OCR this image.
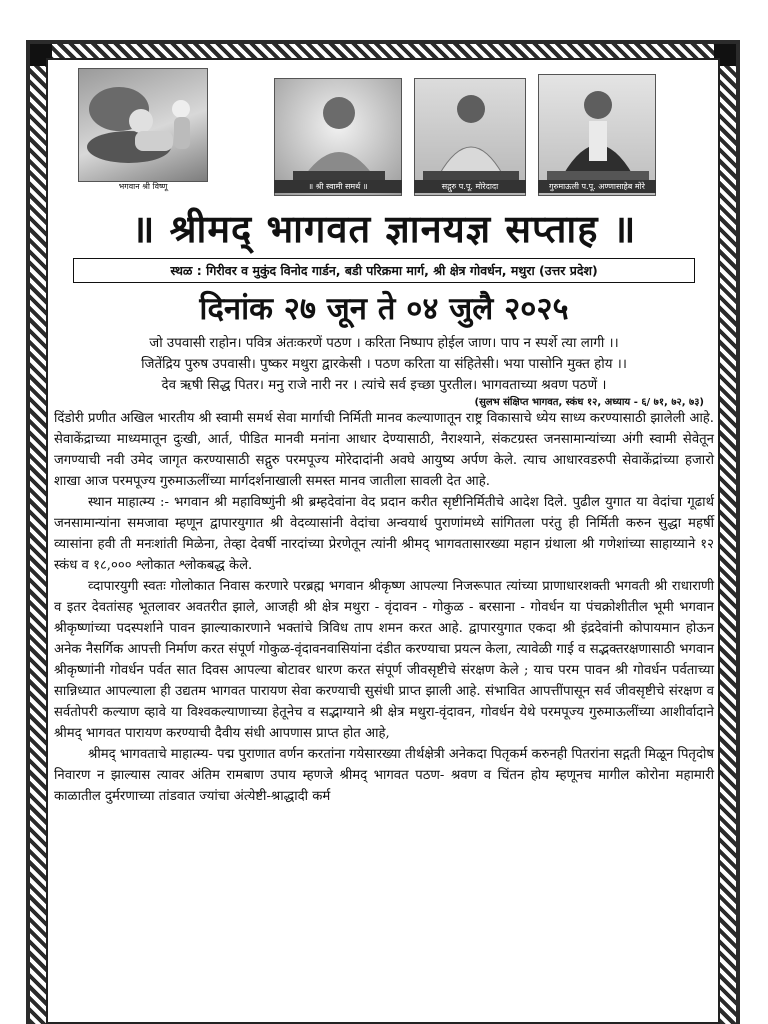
भगवान श्री विष्णू	॥ श्री स्वामी समर्थ ॥	सद्गुरु प.पू. मोरेदादा	गुरुमाऊली प.पू. अण्णासाहेब मोरे
॥ श्रीमद् भागवत ज्ञानयज्ञ सप्ताह ॥
स्थळ : गिरीवर व मुकुंद विनोद गार्डन, बडी परिक्रमा मार्ग, श्री क्षेत्र गोवर्धन, मथुरा (उत्तर प्रदेश)
दिनांक २७ जून ते ०४ जुलै २०२५
जो उपवासी राहोन। पवित्र अंतःकरणें पठण । करिता निष्पाप होईल जाण। पाप न स्पर्शे त्या लागी ।।
जितेंद्रिय पुरुष उपवासी। पुष्कर मथुरा द्वारकेसी । पठण करिता या संहितेसी। भया पासोनि मुक्त होय ।।
देव ऋषी सिद्ध पितर। मनु राजे नारी नर । त्यांचे सर्व इच्छा पुरतील। भागवताच्या श्रवण पठणें ।
(सुलभ संक्षिप्त भागवत, स्कंध १२, अध्याय - ६/ ७१, ७२, ७३)

दिंडोरी प्रणीत अखिल भारतीय श्री स्वामी समर्थ सेवा मार्गाची निर्मिती मानव कल्याणातून राष्ट्र विकासाचे ध्येय साध्य करण्यासाठी झालेली आहे. सेवाकेंद्राच्या माध्यमातून दुःखी, आर्त, पीडित मानवी मनांना आधार देण्यासाठी, नैराश्याने, संकटग्रस्त जनसामान्यांच्या अंगी स्वामी सेवेतून जगण्याची नवी उमेद जागृत करण्यासाठी सद्गुरु परमपूज्य मोरेदादांनी अवघे आयुष्य अर्पण केले. त्याच आधारवडरुपी सेवाकेंद्रांच्या हजारो शाखा आज परमपूज्य गुरुमाऊलींच्या मार्गदर्शनाखाली समस्त मानव जातीला सावली देत आहे.

स्थान माहात्म्य :- भगवान श्री महाविष्णुंनी श्री ब्रम्हदेवांना वेद प्रदान करीत सृष्टीनिर्मितीचे आदेश दिले. पुढील युगात या वेदांचा गूढार्थ जनसामान्यांना समजावा म्हणून द्वापारयुगात श्री वेदव्यासांनी वेदांचा अन्वयार्थ पुराणांमध्ये सांगितला परंतु ही निर्मिती करुन सुद्धा महर्षी व्यासांना हवी ती मनःशांती मिळेना, तेव्हा देवर्षी नारदांच्या प्रेरणेतून त्यांनी श्रीमद् भागवतासारख्या महान ग्रंथाला श्री गणेशांच्या साहाय्याने १२ स्कंध व १८,००० श्लोकात श्लोकबद्ध केले.

व्दापारयुगी स्वतः गोलोकात निवास करणारे परब्रह्म भगवान श्रीकृष्ण आपल्या निजरूपात त्यांच्या प्राणाधारशक्ती भगवती श्री राधाराणी व इतर देवतांसह भूतलावर अवतरीत झाले, आजही श्री क्षेत्र मथुरा - वृंदावन - गोकुळ - बरसाना - गोवर्धन या पंचक्रोशीतील भूमी भगवान श्रीकृष्णांच्या पदस्पर्शाने पावन झाल्याकारणाने भक्तांचे त्रिविध ताप शमन करत आहे. द्वापारयुगात एकदा श्री इंद्रदेवांनी कोपायमान होऊन अनेक नैसर्गिक आपत्ती निर्माण करत संपूर्ण गोकुळ-वृंदावनवासियांना दंडीत करण्याचा प्रयत्न केला, त्यावेळी गाई व सद्भक्तरक्षणासाठी भगवान श्रीकृष्णांनी गोवर्धन पर्वत सात दिवस आपल्या बोटावर धारण करत संपूर्ण जीवसृष्टीचे संरक्षण केले ; याच परम पावन श्री गोवर्धन पर्वताच्या सान्निध्यात आपल्याला ही उद्यतम भागवत पारायण सेवा करण्याची सुसंधी प्राप्त झाली आहे. संभावित आपत्तींपासून सर्व जीवसृष्टीचे संरक्षण व सर्वतोपरी कल्याण व्हावे या विश्वकल्याणाच्या हेतूनेच व सद्भाग्याने श्री क्षेत्र मथुरा-वृंदावन, गोवर्धन येथे परमपूज्य गुरुमाऊलींच्या आशीर्वादाने श्रीमद् भागवत पारायण करण्याची दैवीय संधी आपणास प्राप्त होत आहे,

श्रीमद् भागवताचे माहात्म्य- पद्म पुराणात वर्णन करतांना गयेसारख्या तीर्थक्षेत्री अनेकदा पितृकर्म करुनही पितरांना सद्गती मिळून पितृदोष निवारण न झाल्यास त्यावर अंतिम रामबाण उपाय म्हणजे श्रीमद् भागवत पठण- श्रवण व चिंतन होय म्हणूनच मागील कोरोना महामारी काळातील दुर्मरणाच्या तांडवात ज्यांचा अंत्येष्टी-श्राद्धादी कर्म
